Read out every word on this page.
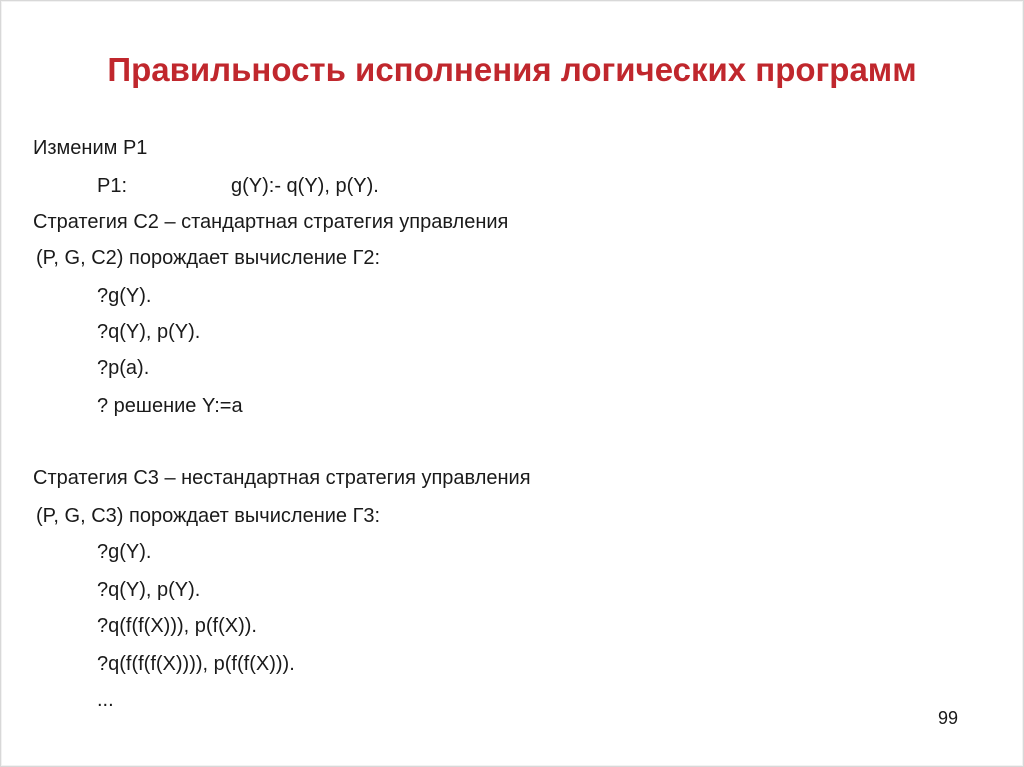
Правильность исполнения логических программ
Изменим P1
P1:	g(Y):- q(Y), p(Y).
Стратегия С2 – стандартная стратегия управления
(P, G, C2) порождает вычисление Г2:
?g(Y).
?q(Y), p(Y).
?p(a).
? решение Y:=a
Стратегия С3 – нестандартная стратегия управления
(P, G, C3) порождает вычисление Г3:
?g(Y).
?q(Y), p(Y).
?q(f(f(X))), p(f(X)).
?q(f(f(f(X)))), p(f(f(X))).
...
99
